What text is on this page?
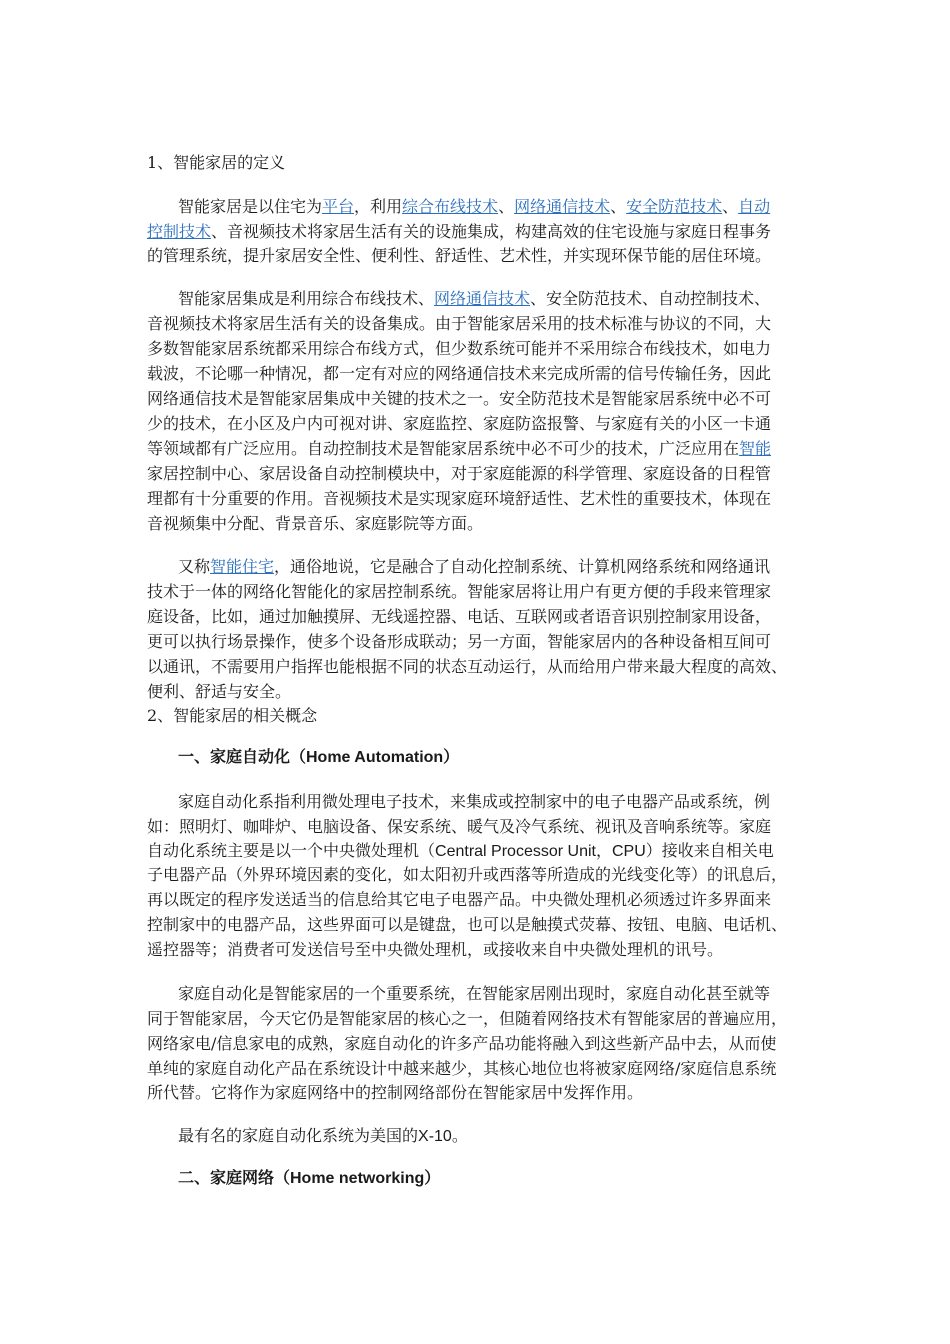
1、智能家居的定义
智能家居是以住宅为平台，利用综合布线技术、网络通信技术、安全防范技术、自动
控制技术、音视频技术将家居生活有关的设施集成，构建高效的住宅设施与家庭日程事务
的管理系统，提升家居安全性、便利性、舒适性、艺术性，并实现环保节能的居住环境。
智能家居集成是利用综合布线技术、网络通信技术、安全防范技术、自动控制技术、
音视频技术将家居生活有关的设备集成。由于智能家居采用的技术标准与协议的不同，大
多数智能家居系统都采用综合布线方式，但少数系统可能并不采用综合布线技术，如电力
载波，不论哪一种情况，都一定有对应的网络通信技术来完成所需的信号传输任务，因此
网络通信技术是智能家居集成中关键的技术之一。安全防范技术是智能家居系统中必不可
少的技术，在小区及户内可视对讲、家庭监控、家庭防盗报警、与家庭有关的小区一卡通
等领域都有广泛应用。自动控制技术是智能家居系统中必不可少的技术，广泛应用在智能
家居控制中心、家居设备自动控制模块中，对于家庭能源的科学管理、家庭设备的日程管
理都有十分重要的作用。音视频技术是实现家庭环境舒适性、艺术性的重要技术，体现在
音视频集中分配、背景音乐、家庭影院等方面。
又称智能住宅，通俗地说，它是融合了自动化控制系统、计算机网络系统和网络通讯
技术于一体的网络化智能化的家居控制系统。智能家居将让用户有更方便的手段来管理家
庭设备，比如，通过加触摸屏、无线遥控器、电话、互联网或者语音识别控制家用设备，
更可以执行场景操作，使多个设备形成联动；另一方面，智能家居内的各种设备相互间可
以通讯，不需要用户指挥也能根据不同的状态互动运行，从而给用户带来最大程度的高效、
便利、舒适与安全。
2、智能家居的相关概念
一、家庭自动化（Home Automation）
家庭自动化系指利用微处理电子技术，来集成或控制家中的电子电器产品或系统，例
如：照明灯、咖啡炉、电脑设备、保安系统、暖气及冷气系统、视讯及音响系统等。家庭
自动化系统主要是以一个中央微处理机（Central Processor Unit，CPU）接收来自相关电
子电器产品（外界环境因素的变化，如太阳初升或西落等所造成的光线变化等）的讯息后，
再以既定的程序发送适当的信息给其它电子电器产品。中央微处理机必须透过许多界面来
控制家中的电器产品，这些界面可以是键盘，也可以是触摸式荧幕、按钮、电脑、电话机、
遥控器等；消费者可发送信号至中央微处理机，或接收来自中央微处理机的讯号。
家庭自动化是智能家居的一个重要系统，在智能家居刚出现时，家庭自动化甚至就等
同于智能家居，今天它仍是智能家居的核心之一，但随着网络技术有智能家居的普遍应用，
网络家电/信息家电的成熟，家庭自动化的许多产品功能将融入到这些新产品中去，从而使
单纯的家庭自动化产品在系统设计中越来越少，其核心地位也将被家庭网络/家庭信息系统
所代替。它将作为家庭网络中的控制网络部份在智能家居中发挥作用。
最有名的家庭自动化系统为美国的X-10。
二、家庭网络（Home networking）
